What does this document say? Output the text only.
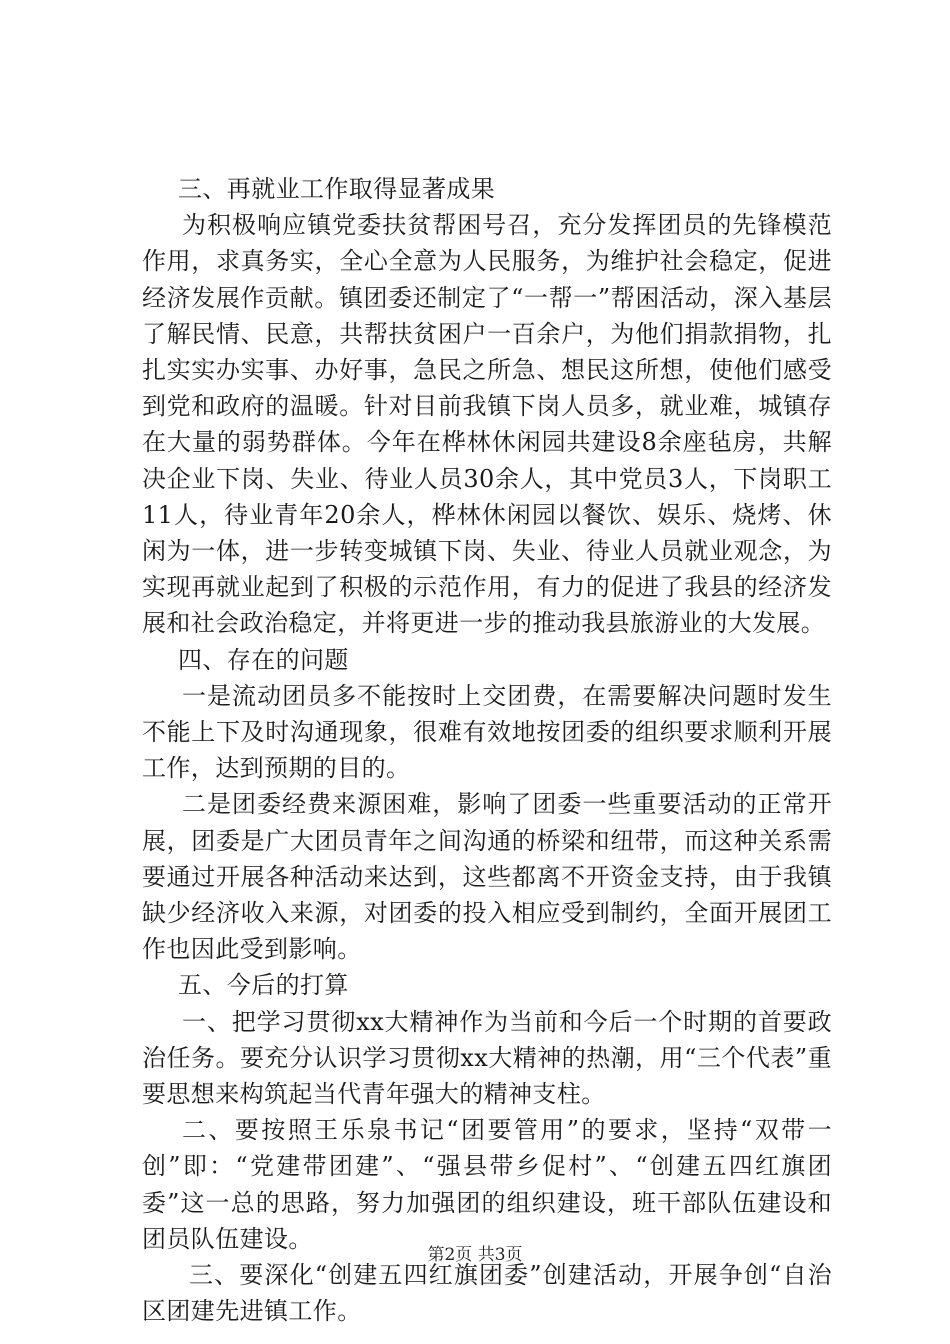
三、再就业工作取得显著成果

为积极响应镇党委扶贫帮困号召，充分发挥团员的先锋模范作用，求真务实，全心全意为人民服务，为维护社会稳定，促进经济发展作贡献。镇团委还制定了“一帮一”帮困活动，深入基层了解民情、民意，共帮扶贫困户一百余户，为他们捐款捐物，扎扎实实办实事、办好事，急民之所急、想民这所想，使他们感受到党和政府的温暖。针对目前我镇下岗人员多，就业难，城镇存在大量的弱势群体。今年在桦林休闲园共建设8余座毡房，共解决企业下岗、失业、待业人员30余人，其中党员3人，下岗职工11人，待业青年20余人，桦林休闲园以餐饮、娱乐、烧烤、休闲为一体，进一步转变城镇下岗、失业、待业人员就业观念，为实现再就业起到了积极的示范作用，有力的促进了我县的经济发展和社会政治稳定，并将更进一步的推动我县旅游业的大发展。

四、存在的问题

一是流动团员多不能按时上交团费，在需要解决问题时发生不能上下及时沟通现象，很难有效地按团委的组织要求顺利开展工作，达到预期的目的。

二是团委经费来源困难，影响了团委一些重要活动的正常开展，团委是广大团员青年之间沟通的桥梁和纽带，而这种关系需要通过开展各种活动来达到，这些都离不开资金支持，由于我镇缺少经济收入来源，对团委的投入相应受到制约，全面开展团工作也因此受到影响。

五、今后的打算

一、把学习贯彻xx大精神作为当前和今后一个时期的首要政治任务。要充分认识学习贯彻xx大精神的热潮，用“三个代表”重要思想来构筑起当代青年强大的精神支柱。

二、要按照王乐泉书记“团要管用”的要求，坚持“双带一创”即：“党建带团建”、“强县带乡促村”、“创建五四红旗团委”这一总的思路，努力加强团的组织建设，班干部队伍建设和团员队伍建设。

三、要深化“创建五四红旗团委”创建活动，开展争创“自治区团建先进镇工作。

第2页 共3页
